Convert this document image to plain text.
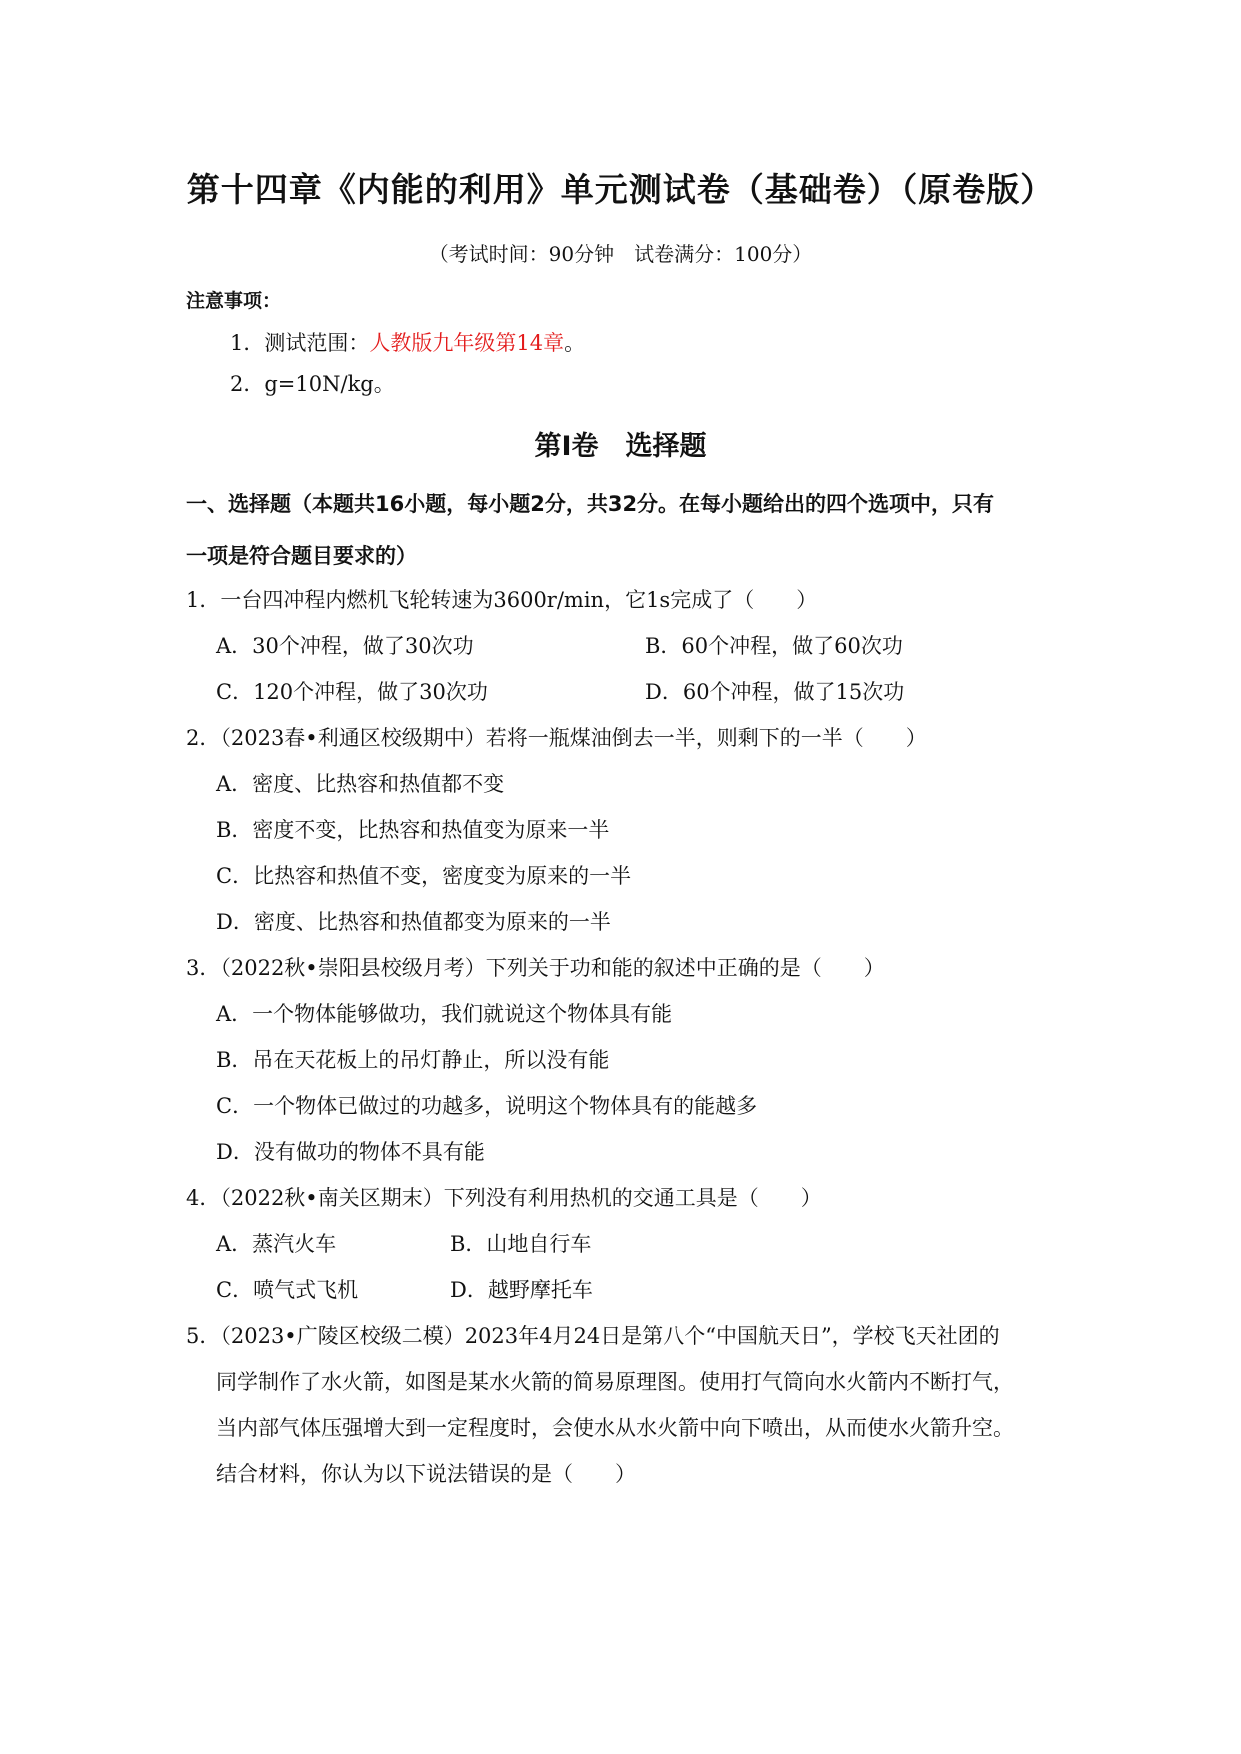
第十四章《内能的利用》单元测试卷（基础卷）（原卷版）
（考试时间：90分钟　试卷满分：100分）
注意事项：
1．测试范围：人教版九年级第14章。
2．g=10N/kg。
第Ⅰ卷　选择题
一、选择题（本题共16小题，每小题2分，共32分。在每小题给出的四个选项中，只有
一项是符合题目要求的）
1．一台四冲程内燃机飞轮转速为3600r/min，它1s完成了（　　）
A．30个冲程，做了30次功	B．60个冲程，做了60次功
C．120个冲程，做了30次功	D．60个冲程，做了15次功
2．（2023春•利通区校级期中）若将一瓶煤油倒去一半，则剩下的一半（　　）
A．密度、比热容和热值都不变
B．密度不变，比热容和热值变为原来一半
C．比热容和热值不变，密度变为原来的一半
D．密度、比热容和热值都变为原来的一半
3．（2022秋•崇阳县校级月考）下列关于功和能的叙述中正确的是（　　）
A．一个物体能够做功，我们就说这个物体具有能
B．吊在天花板上的吊灯静止，所以没有能
C．一个物体已做过的功越多，说明这个物体具有的能越多
D．没有做功的物体不具有能
4．（2022秋•南关区期末）下列没有利用热机的交通工具是（　　）
A．蒸汽火车	B．山地自行车
C．喷气式飞机	D．越野摩托车
5．（2023•广陵区校级二模）2023年4月24日是第八个“中国航天日”，学校飞天社团的
同学制作了水火箭，如图是某水火箭的简易原理图。使用打气筒向水火箭内不断打气，
当内部气体压强增大到一定程度时，会使水从水火箭中向下喷出，从而使水火箭升空。
结合材料，你认为以下说法错误的是（　　）
